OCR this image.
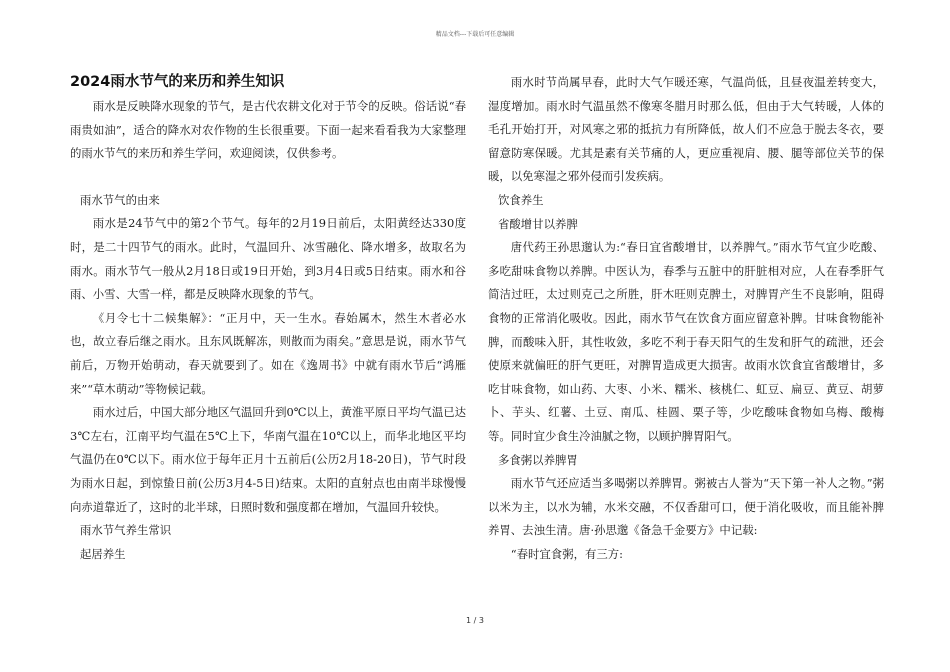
精品文档---下载后可任意编辑
2024雨水节气的来历和养生知识

雨水是反映降水现象的节气，是古代农耕文化对于节令的反映。俗话说“春雨贵如油”，适合的降水对农作物的生长很重要。下面一起来看看我为大家整理的雨水节气的来历和养生学问，欢迎阅读，仅供参考。

雨水节气的由来

雨水是24节气中的第2个节气。每年的2月19日前后，太阳黄经达330度时，是二十四节气的雨水。此时，气温回升、冰雪融化、降水增多，故取名为雨水。雨水节气一般从2月18日或19日开始，到3月4日或5日结束。雨水和谷雨、小雪、大雪一样，都是反映降水现象的节气。

《月令七十二候集解》：“正月中，天一生水。春始属木，然生木者必水也，故立春后继之雨水。且东风既解冻，则散而为雨矣。”意思是说，雨水节气前后，万物开始萌动，春天就要到了。如在《逸周书》中就有雨水节后“鸿雁来”“草木萌动”等物候记载。

雨水过后，中国大部分地区气温回升到0℃以上，黄淮平原日平均气温已达3℃左右，江南平均气温在5℃上下，华南气温在10℃以上，而华北地区平均气温仍在0℃以下。雨水位于每年正月十五前后(公历2月18-20日)，节气时段为雨水日起，到惊蛰日前(公历3月4-5日)结束。太阳的直射点也由南半球慢慢向赤道靠近了，这时的北半球，日照时数和强度都在增加，气温回升较快。

雨水节气养生常识

起居养生

雨水时节尚属早春，此时大气乍暖还寒，气温尚低，且昼夜温差转变大，湿度增加。雨水时气温虽然不像寒冬腊月时那么低，但由于大气转暖，人体的毛孔开始打开，对风寒之邪的抵抗力有所降低，故人们不应急于脱去冬衣，要留意防寒保暖。尤其是素有关节痛的人，更应重视肩、腰、腿等部位关节的保暖，以免寒湿之邪外侵而引发疾病。

饮食养生

省酸增甘以养脾

唐代药王孙思邈认为:“春日宜省酸增甘，以养脾气。”雨水节气宜少吃酸、多吃甜味食物以养脾。中医认为，春季与五脏中的肝脏相对应，人在春季肝气简洁过旺，太过则克己之所胜，肝木旺则克脾土，对脾胃产生不良影响，阻碍食物的正常消化吸收。因此，雨水节气在饮食方面应留意补脾。甘味食物能补脾，而酸味入肝，其性收敛，多吃不利于春天阳气的生发和肝气的疏泄，还会使原来就偏旺的肝气更旺，对脾胃造成更大损害。故雨水饮食宜省酸增甘，多吃甘味食物，如山药、大枣、小米、糯米、核桃仁、虹豆、扁豆、黄豆、胡萝卜、芋头、红薯、土豆、南瓜、桂圆、栗子等，少吃酸味食物如乌梅、酸梅等。同时宜少食生冷油腻之物，以顾护脾胃阳气。

多食粥以养脾胃

雨水节气还应适当多喝粥以养脾胃。粥被古人誉为“天下第一补人之物。”粥以米为主，以水为辅，水米交融，不仅香甜可口，便于消化吸收，而且能补脾养胃、去浊生清。唐·孙思邈《备急千金要方》中记载:

“春时宜食粥，有三方:

1 / 3
